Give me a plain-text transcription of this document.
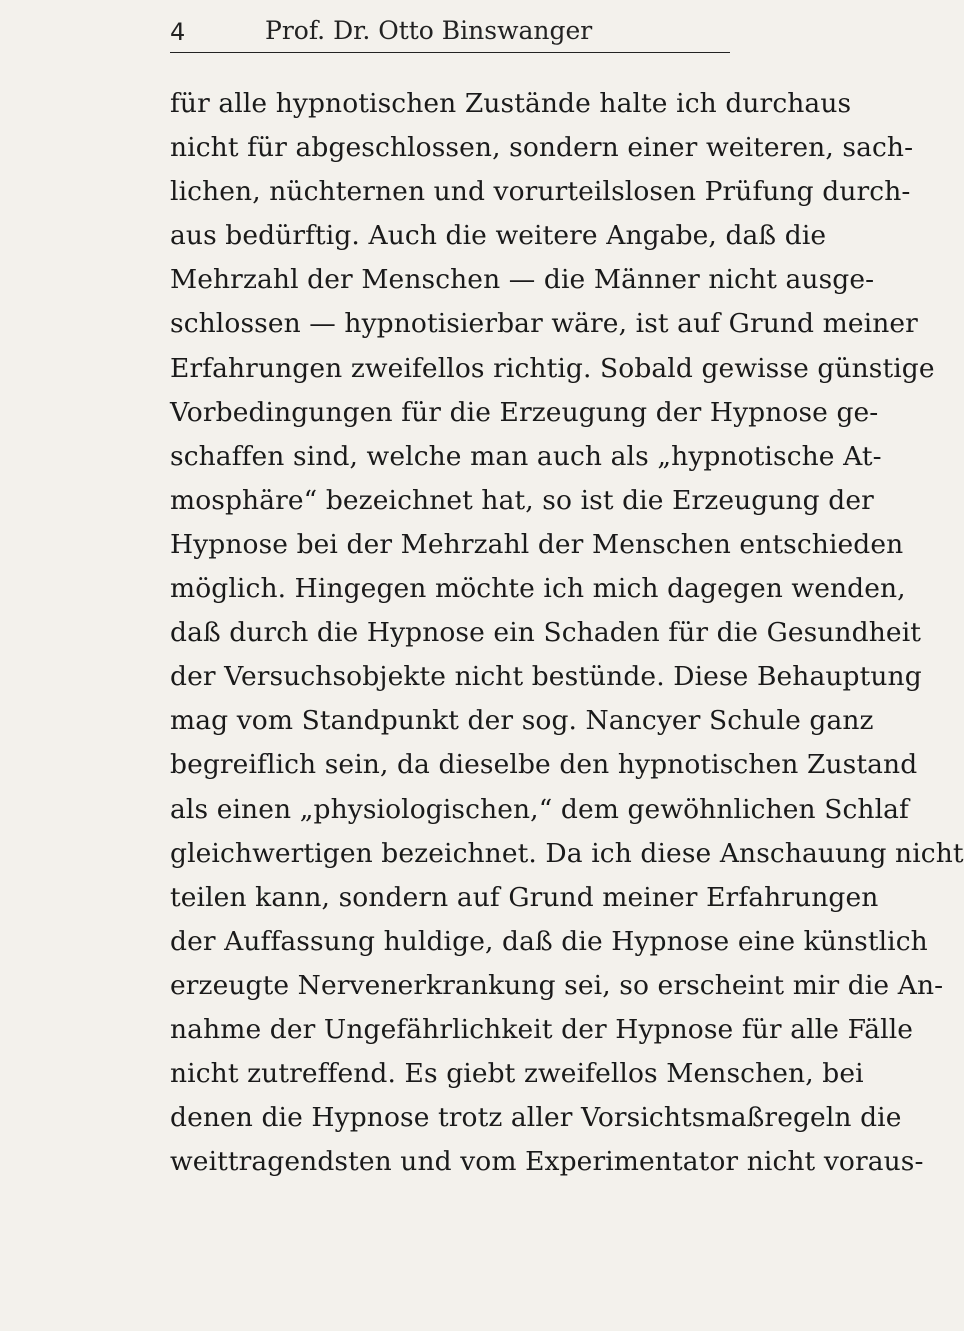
4	Prof. Dr. Otto Binswanger
für alle hypnotischen Zustände halte ich durchaus
nicht für abgeschlossen, sondern einer weiteren, sach-
lichen, nüchternen und vorurteilslosen Prüfung durch-
aus bedürftig. Auch die weitere Angabe, daß die
Mehrzahl der Menschen — die Männer nicht ausge-
schlossen — hypnotisierbar wäre, ist auf Grund meiner
Erfahrungen zweifellos richtig. Sobald gewisse günstige
Vorbedingungen für die Erzeugung der Hypnose ge-
schaffen sind, welche man auch als „hypnotische At-
mosphäre“ bezeichnet hat, so ist die Erzeugung der
Hypnose bei der Mehrzahl der Menschen entschieden
möglich. Hingegen möchte ich mich dagegen wenden,
daß durch die Hypnose ein Schaden für die Gesundheit
der Versuchsobjekte nicht bestünde. Diese Behauptung
mag vom Standpunkt der sog. Nancyer Schule ganz
begreiflich sein, da dieselbe den hypnotischen Zustand
als einen „physiologischen,“ dem gewöhnlichen Schlaf
gleichwertigen bezeichnet. Da ich diese Anschauung nicht
teilen kann, sondern auf Grund meiner Erfahrungen
der Auffassung huldige, daß die Hypnose eine künstlich
erzeugte Nervenerkrankung sei, so erscheint mir die An-
nahme der Ungefährlichkeit der Hypnose für alle Fälle
nicht zutreffend. Es giebt zweifellos Menschen, bei
denen die Hypnose trotz aller Vorsichtsmaßregeln die
weittragendsten und vom Experimentator nicht voraus-
